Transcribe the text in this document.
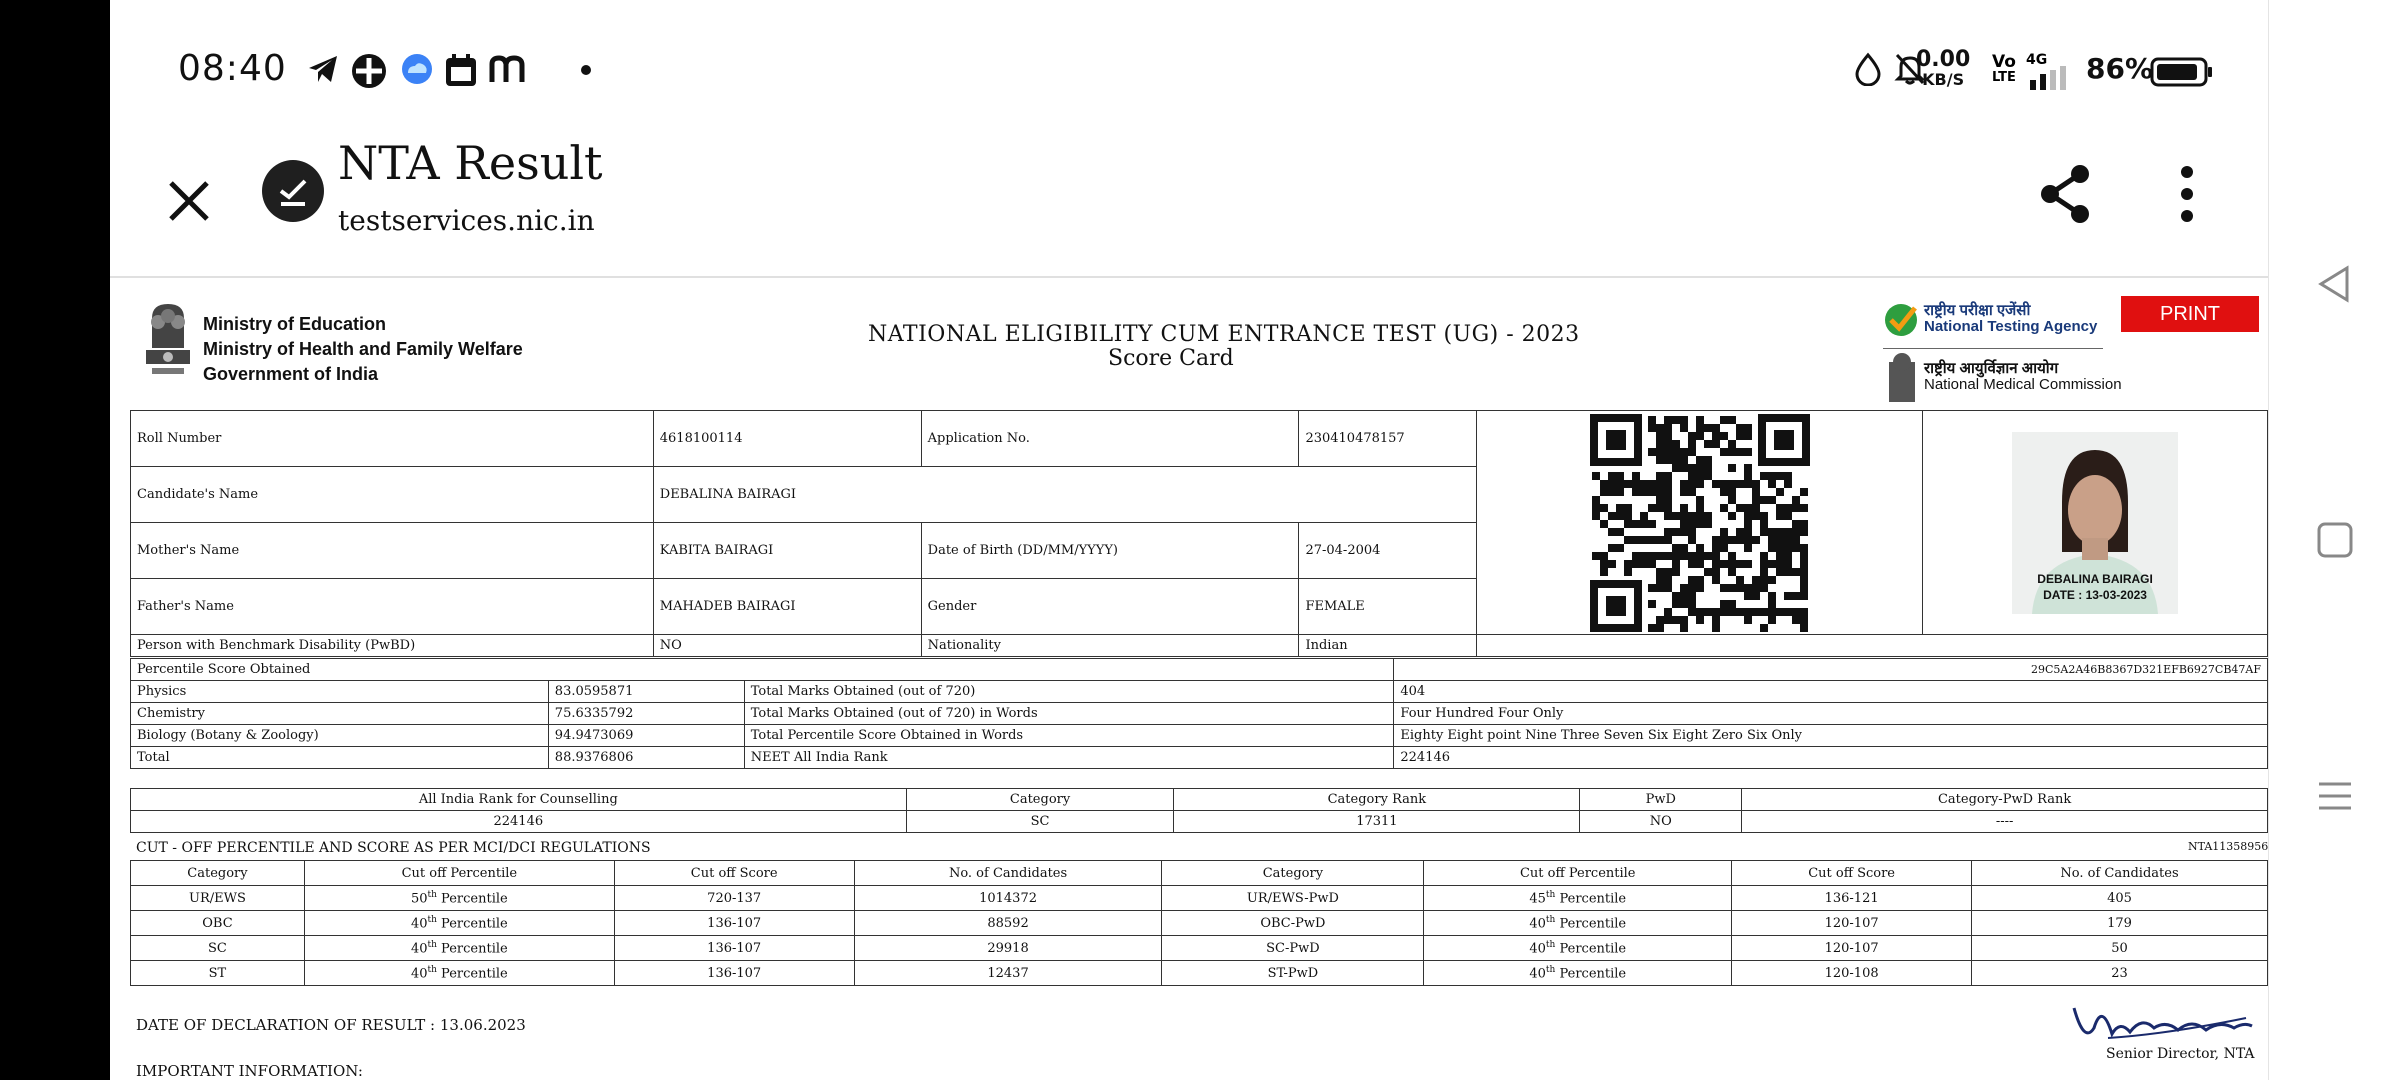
08:40	0.00
KB/S
Vo
LTE
4G 86%
NTA Result
testservices.nic.in
Ministry of Education
Ministry of Health and Family Welfare
Government of India
NATIONAL ELIGIBILITY CUM ENTRANCE TEST (UG) - 2023
Score Card
राष्ट्रीय परीक्षा एजेंसी
National Testing Agency
राष्ट्रीय आयुर्विज्ञान आयोग
National Medical Commission
PRINT
Roll Number	4618100114	Application No.	230410478157		DEBALINA BAIRAGI
DATE : 13-03-2023

Candidate's Name	DEBALINA BAIRAGI				
Mother's Name	KABITA BAIRAGI	Date of Birth (DD/MM/YYYY)	27-04-2004		
Father's Name	MAHADEB BAIRAGI	Gender	FEMALE		
Person with Benchmark Disability (PwBD)	NO	Nationality	Indian		
Percentile Score Obtained			29C5A2A46B8367D321EFB6927CB47AF
Physics	83.0595871	Total Marks Obtained (out of 720)	404
Chemistry	75.6335792	Total Marks Obtained (out of 720) in Words	Four Hundred Four Only
Biology (Botany & Zoology)	94.9473069	Total Percentile Score Obtained in Words	Eighty Eight point Nine Three Seven Six Eight Zero Six Only
Total	88.9376806	NEET All India Rank	224146
All India Rank for Counselling	Category	Category Rank	PwD	Category-PwD Rank
224146	SC	17311	NO	----
CUT - OFF PERCENTILE AND SCORE AS PER MCI/DCI REGULATIONS	NTA11358956
Category	Cut off Percentile	Cut off Score	No. of Candidates	Category	Cut off Percentile	Cut off Score	No. of Candidates
UR/EWS	50th Percentile	720-137	1014372	UR/EWS-PwD	45th Percentile	136-121	405
OBC	40th Percentile	136-107	88592	OBC-PwD	40th Percentile	120-107	179
SC	40th Percentile	136-107	29918	SC-PwD	40th Percentile	120-107	50
ST	40th Percentile	136-107	12437	ST-PwD	40th Percentile	120-108	23
DATE OF DECLARATION OF RESULT : 13.06.2023
IMPORTANT INFORMATION:
Senior Director, NTA
